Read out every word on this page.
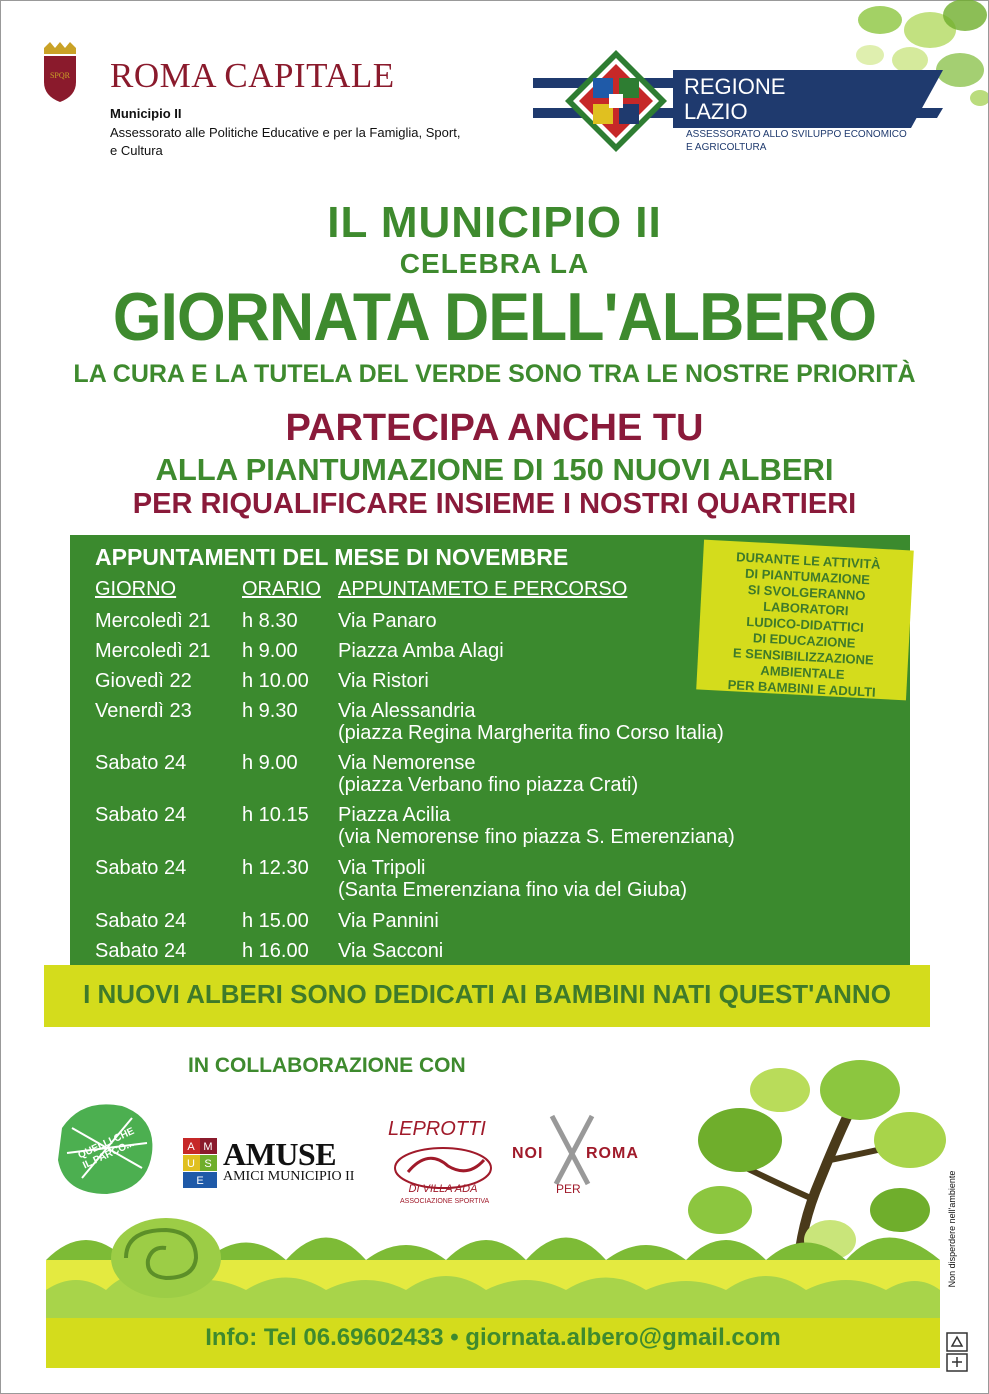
SPQR ROMA CAPITALE
Municipio II
Assessorato alle Politiche Educative e per la Famiglia, Sport, e Cultura
REGIONE
LAZIO
ASSESSORATO ALLO SVILUPPO ECONOMICO E AGRICOLTURA
IL MUNICIPIO II
CELEBRA LA
GIORNATA DELL'ALBERO
LA CURA E LA TUTELA DEL VERDE SONO TRA LE NOSTRE PRIORITÀ
PARTECIPA ANCHE TU
ALLA PIANTUMAZIONE DI 150 NUOVI ALBERI
PER RIQUALIFICARE INSIEME I NOSTRI QUARTIERI
APPUNTAMENTI DEL MESE DI NOVEMBRE
GIORNO	ORARIO APPUNTAMETO E PERCORSO
Mercoledì 21 h 8.30 Via Panaro
Mercoledì 21 h 9.00 Piazza Amba Alagi
Giovedì 22	h 10.00 Via Ristori
Venerdì 23	h 9.30 Via Alessandria
(piazza Regina Margherita fino Corso Italia)
Sabato 24	h 9.00 Via Nemorense
(piazza Verbano fino piazza Crati)
Sabato 24	h 10.15 Piazza Acilia
(via Nemorense fino piazza S. Emerenziana)
Sabato 24	h 12.30 Via Tripoli
(Santa Emerenziana fino via del Giuba)
Sabato 24	h 15.00 Via Pannini
Sabato 24	h 16.00 Via Sacconi
DURANTE LE ATTIVITÀ
DI PIANTUMAZIONE
SI SVOLGERANNO
LABORATORI
LUDICO-DIDATTICI
DI EDUCAZIONE
E SENSIBILIZZAZIONE
AMBIENTALE
PER BAMBINI E ADULTI
I NUOVI ALBERI SONO DEDICATI AI BAMBINI NATI QUEST'ANNO
IN COLLABORAZIONE CON
QUELLI CHE IL PARCO...	A M
U S
E
AMUSE
AMICI MUNICIPIO II
LEPROTTI
DI VILLA ADA
ASSOCIAZIONE SPORTIVA
NOI	ROMA
PER
Info: Tel 06.69602433 • giornata.albero@gmail.com
Non disperdere nell'ambiente
